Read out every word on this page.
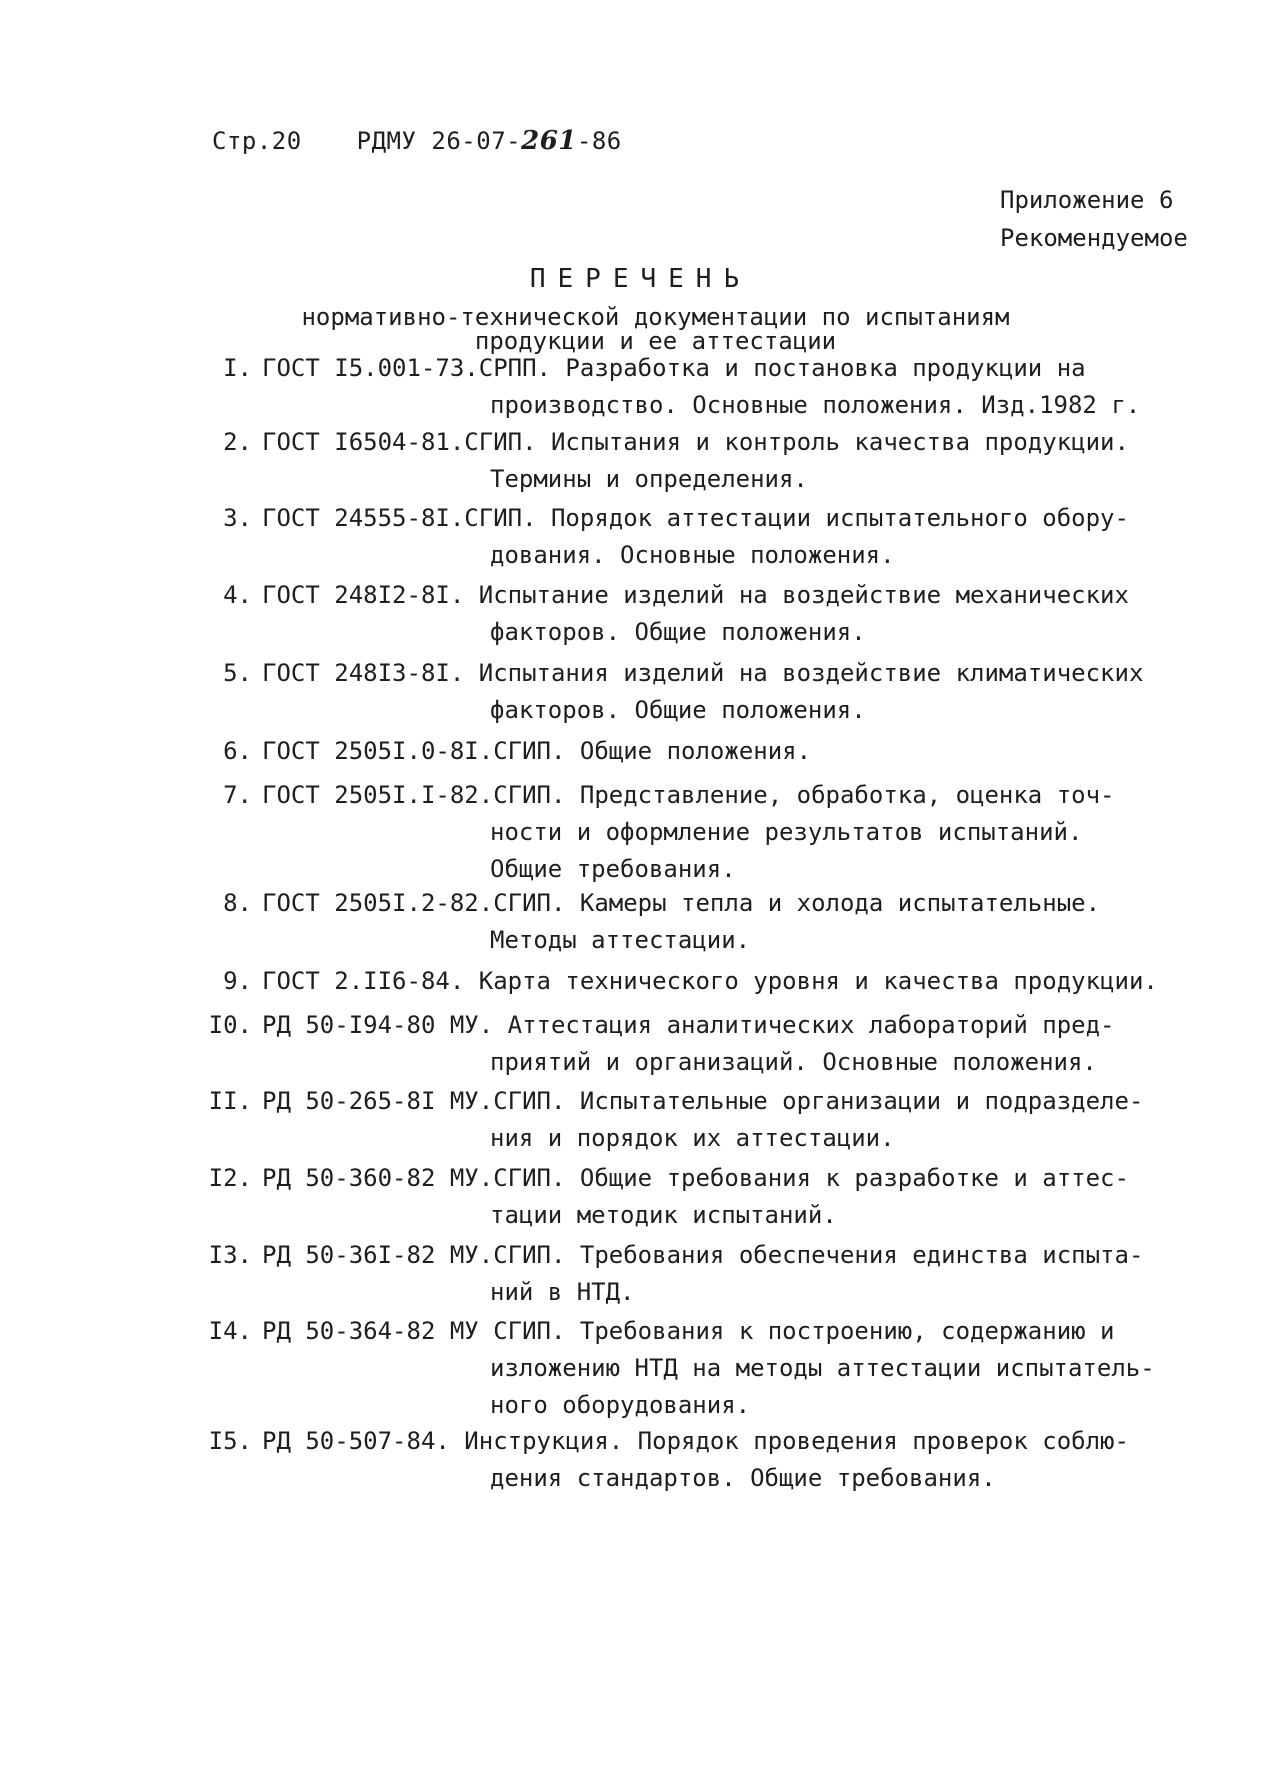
Стр.20 РДМУ 26-07-261-86
Приложение 6
Рекомендуемое
ПЕРЕЧЕНЬ
нормативно-технической документации по испытаниям
продукции и ее аттестации
I. ГОСТ I5.001-73.СРПП. Разработка и постановка продукции на
производство. Основные положения. Изд.1982 г.
2. ГОСТ I6504-81.СГИП. Испытания и контроль качества продукции.
Термины и определения.
3. ГОСТ 24555-8I.СГИП. Порядок аттестации испытательного обору-
дования. Основные положения.
4. ГОСТ 248I2-8I. Испытание изделий на воздействие механических
факторов. Общие положения.
5. ГОСТ 248I3-8I. Испытания изделий на воздействие климатических
факторов. Общие положения.
6. ГОСТ 2505I.0-8I.СГИП. Общие положения.
7. ГОСТ 2505I.I-82.СГИП. Представление, обработка, оценка точ-
ности и оформление результатов испытаний.
Общие требования.
8. ГОСТ 2505I.2-82.СГИП. Камеры тепла и холода испытательные.
Методы аттестации.
9. ГОСТ 2.II6-84. Карта технического уровня и качества продукции.
I0. РД 50-I94-80 МУ. Аттестация аналитических лабораторий пред-
приятий и организаций. Основные положения.
II. РД 50-265-8I МУ.СГИП. Испытательные организации и подразделе-
ния и порядок их аттестации.
I2. РД 50-360-82 МУ.СГИП. Общие требования к разработке и аттес-
тации методик испытаний.
I3. РД 50-36I-82 МУ.СГИП. Требования обеспечения единства испыта-
ний в НТД.
I4. РД 50-364-82 МУ СГИП. Требования к построению, содержанию и
изложению НТД на методы аттестации испытатель-
ного оборудования.
I5. РД 50-507-84. Инструкция. Порядок проведения проверок соблю-
дения стандартов. Общие требования.
